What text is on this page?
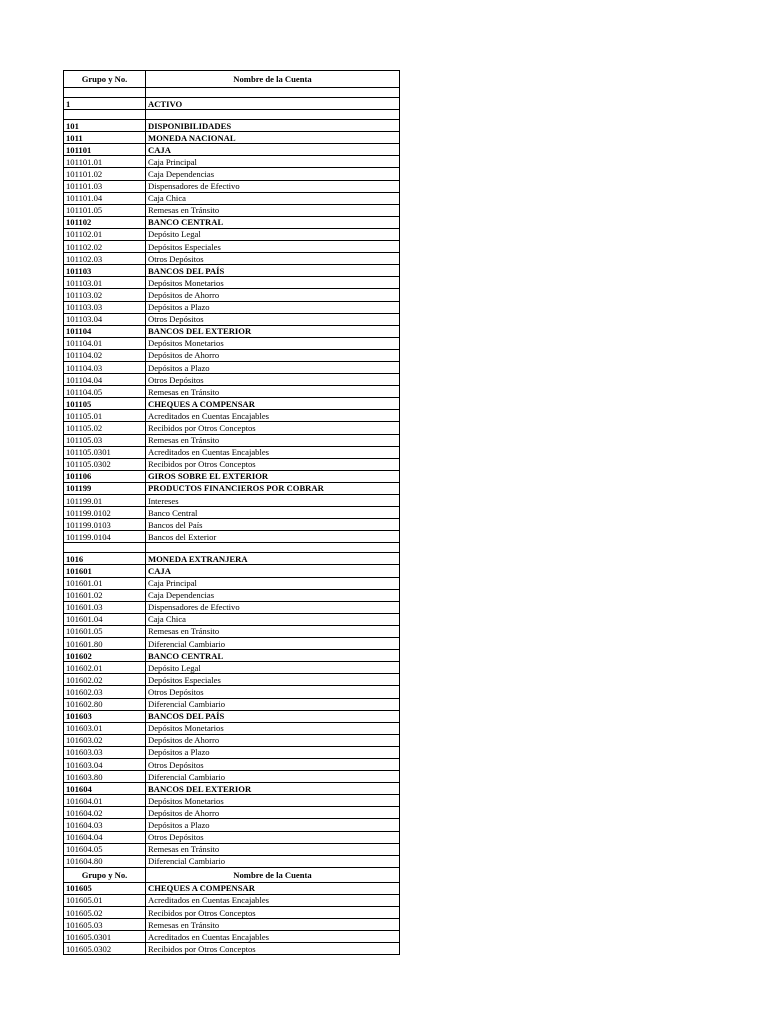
Grupo y No.	Nombre de la Cuenta

1	ACTIVO

101	DISPONIBILIDADES
1011	MONEDA NACIONAL
101101	CAJA
101101.01	Caja Principal
101101.02	Caja Dependencias
101101.03	Dispensadores de Efectivo
101101.04	Caja Chica
101101.05	Remesas en Tránsito
101102	BANCO CENTRAL
101102.01	Depósito Legal
101102.02	Depósitos Especiales
101102.03	Otros Depósitos
101103	BANCOS DEL PAÍS
101103.01	Depósitos Monetarios
101103.02	Depósitos de Ahorro
101103.03	Depósitos a Plazo
101103.04	Otros Depósitos
101104	BANCOS DEL EXTERIOR
101104.01	Depósitos Monetarios
101104.02	Depósitos de Ahorro
101104.03	Depósitos a Plazo
101104.04	Otros Depósitos
101104.05	Remesas en Tránsito
101105	CHEQUES A COMPENSAR
101105.01	Acreditados en Cuentas Encajables
101105.02	Recibidos por Otros Conceptos
101105.03	Remesas en Tránsito
101105.0301	Acreditados en Cuentas Encajables
101105.0302	Recibidos por Otros Conceptos
101106	GIROS SOBRE EL EXTERIOR
101199	PRODUCTOS FINANCIEROS POR COBRAR
101199.01	Intereses
101199.0102	Banco Central
101199.0103	Bancos del País
101199.0104	Bancos del Exterior

1016	MONEDA EXTRANJERA
101601	CAJA
101601.01	Caja Principal
101601.02	Caja Dependencias
101601.03	Dispensadores de Efectivo
101601.04	Caja Chica
101601.05	Remesas en Tránsito
101601.80	Diferencial Cambiario
101602	BANCO CENTRAL
101602.01	Depósito Legal
101602.02	Depósitos Especiales
101602.03	Otros Depósitos
101602.80	Diferencial Cambiario
101603	BANCOS DEL PAÍS
101603.01	Depósitos Monetarios
101603.02	Depósitos de Ahorro
101603.03	Depósitos a Plazo
101603.04	Otros Depósitos
101603.80	Diferencial Cambiario
101604	BANCOS DEL EXTERIOR
101604.01	Depósitos Monetarios
101604.02	Depósitos de Ahorro
101604.03	Depósitos a Plazo
101604.04	Otros Depósitos
101604.05	Remesas en Tránsito
101604.80	Diferencial Cambiario
Grupo y No.	Nombre de la Cuenta
101605	CHEQUES A COMPENSAR
101605.01	Acreditados en Cuentas Encajables
101605.02	Recibidos por Otros Conceptos
101605.03	Remesas en Tránsito
101605.0301	Acreditados en Cuentas Encajables
101605.0302	Recibidos por Otros Conceptos
